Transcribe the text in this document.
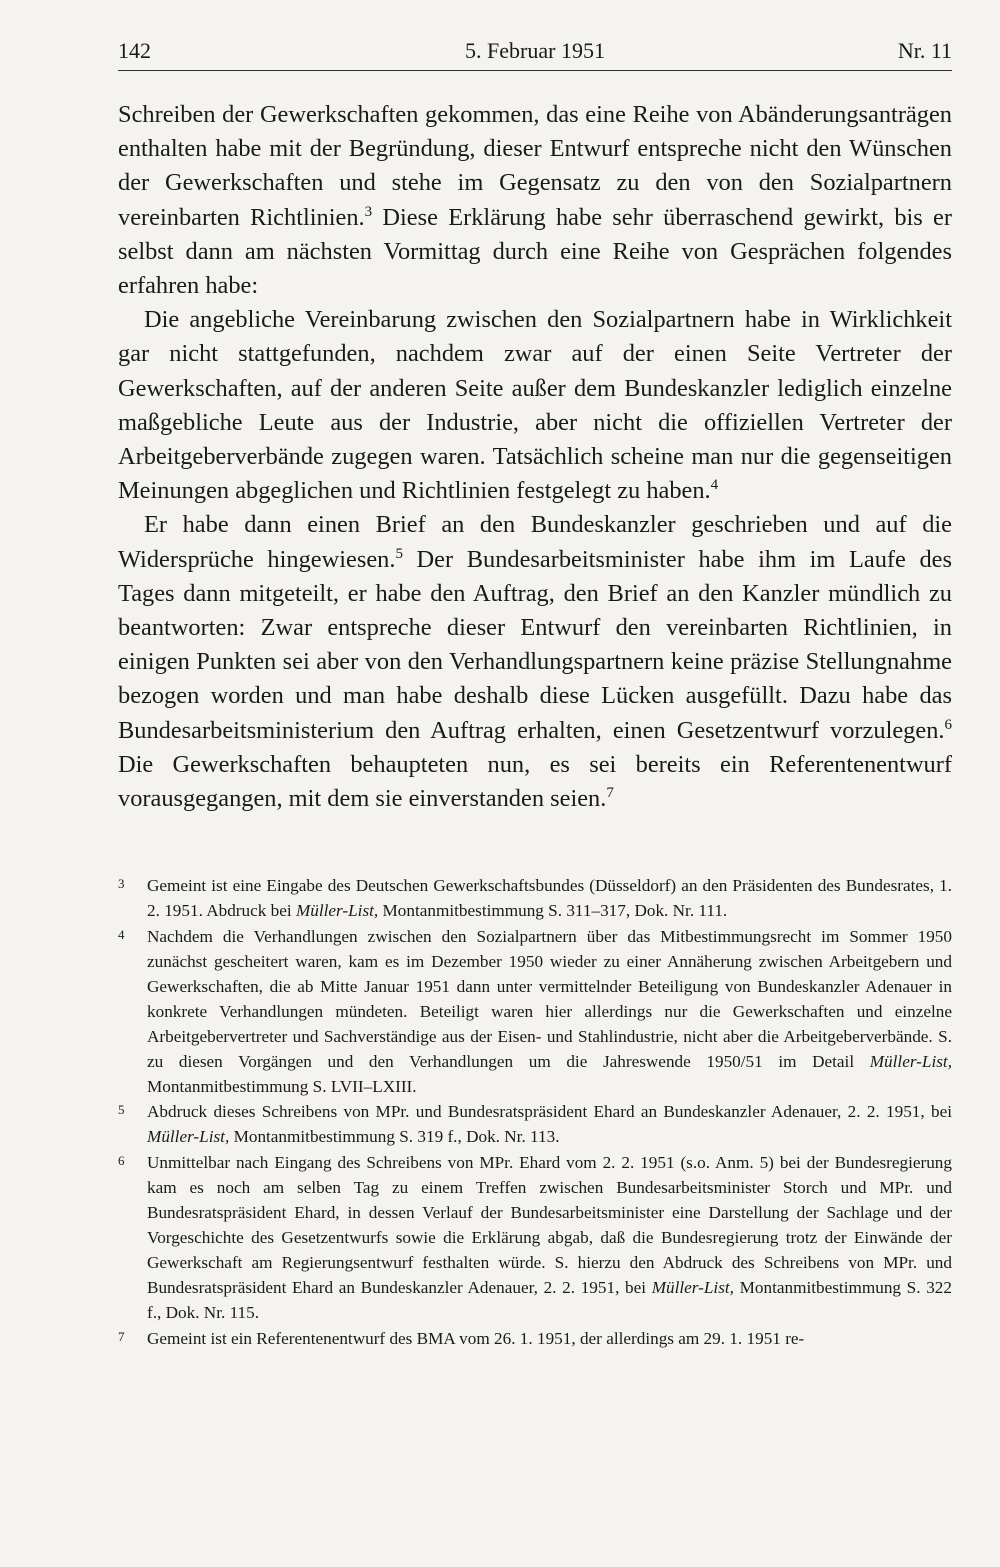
142	5. Februar 1951	Nr. 11

Schreiben der Gewerkschaften gekommen, das eine Reihe von Abänderungsanträgen enthalten habe mit der Begründung, dieser Entwurf entspreche nicht den Wünschen der Gewerkschaften und stehe im Gegensatz zu den von den Sozialpartnern vereinbarten Richtlinien.$^3$ Diese Erklärung habe sehr überraschend gewirkt, bis er selbst dann am nächsten Vormittag durch eine Reihe von Gesprächen folgendes erfahren habe:

Die angebliche Vereinbarung zwischen den Sozialpartnern habe in Wirklichkeit gar nicht stattgefunden, nachdem zwar auf der einen Seite Vertreter der Gewerkschaften, auf der anderen Seite außer dem Bundeskanzler lediglich einzelne maßgebliche Leute aus der Industrie, aber nicht die offiziellen Vertreter der Arbeitgeberverbände zugegen waren. Tatsächlich scheine man nur die gegenseitigen Meinungen abgeglichen und Richtlinien festgelegt zu haben.$^4$

Er habe dann einen Brief an den Bundeskanzler geschrieben und auf die Widersprüche hingewiesen.$^5$ Der Bundesarbeitsminister habe ihm im Laufe des Tages dann mitgeteilt, er habe den Auftrag, den Brief an den Kanzler mündlich zu beantworten: Zwar entspreche dieser Entwurf den vereinbarten Richtlinien, in einigen Punkten sei aber von den Verhandlungspartnern keine präzise Stellungnahme bezogen worden und man habe deshalb diese Lücken ausgefüllt. Dazu habe das Bundesarbeitsministerium den Auftrag erhalten, einen Gesetzentwurf vorzulegen.$^6$ Die Gewerkschaften behaupteten nun, es sei bereits ein Referentenentwurf vorausgegangen, mit dem sie einverstanden seien.$^7$

3 Gemeint ist eine Eingabe des Deutschen Gewerkschaftsbundes (Düsseldorf) an den Präsidenten des Bundesrates, 1. 2. 1951. Abdruck bei Müller-List, Montanmitbestimmung S. 311–317, Dok. Nr. 111.
4 Nachdem die Verhandlungen zwischen den Sozialpartnern über das Mitbestimmungsrecht im Sommer 1950 zunächst gescheitert waren, kam es im Dezember 1950 wieder zu einer Annäherung zwischen Arbeitgebern und Gewerkschaften, die ab Mitte Januar 1951 dann unter vermittelnder Beteiligung von Bundeskanzler Adenauer in konkrete Verhandlungen mündeten. Beteiligt waren hier allerdings nur die Gewerkschaften und einzelne Arbeitgebervertreter und Sachverständige aus der Eisen- und Stahlindustrie, nicht aber die Arbeitgeberverbände. S. zu diesen Vorgängen und den Verhandlungen um die Jahreswende 1950/51 im Detail Müller-List, Montanmitbestimmung S. LVII–LXIII.
5 Abdruck dieses Schreibens von MPr. und Bundesratspräsident Ehard an Bundeskanzler Adenauer, 2. 2. 1951, bei Müller-List, Montanmitbestimmung S. 319 f., Dok. Nr. 113.
6 Unmittelbar nach Eingang des Schreibens von MPr. Ehard vom 2. 2. 1951 (s.o. Anm. 5) bei der Bundesregierung kam es noch am selben Tag zu einem Treffen zwischen Bundesarbeitsminister Storch und MPr. und Bundesratspräsident Ehard, in dessen Verlauf der Bundesarbeitsminister eine Darstellung der Sachlage und der Vorgeschichte des Gesetzentwurfs sowie die Erklärung abgab, daß die Bundesregierung trotz der Einwände der Gewerkschaft am Regierungsentwurf festhalten würde. S. hierzu den Abdruck des Schreibens von MPr. und Bundesratspräsident Ehard an Bundeskanzler Adenauer, 2. 2. 1951, bei Müller-List, Montanmitbestimmung S. 322 f., Dok. Nr. 115.
7 Gemeint ist ein Referentenentwurf des BMA vom 26. 1. 1951, der allerdings am 29. 1. 1951 re-
